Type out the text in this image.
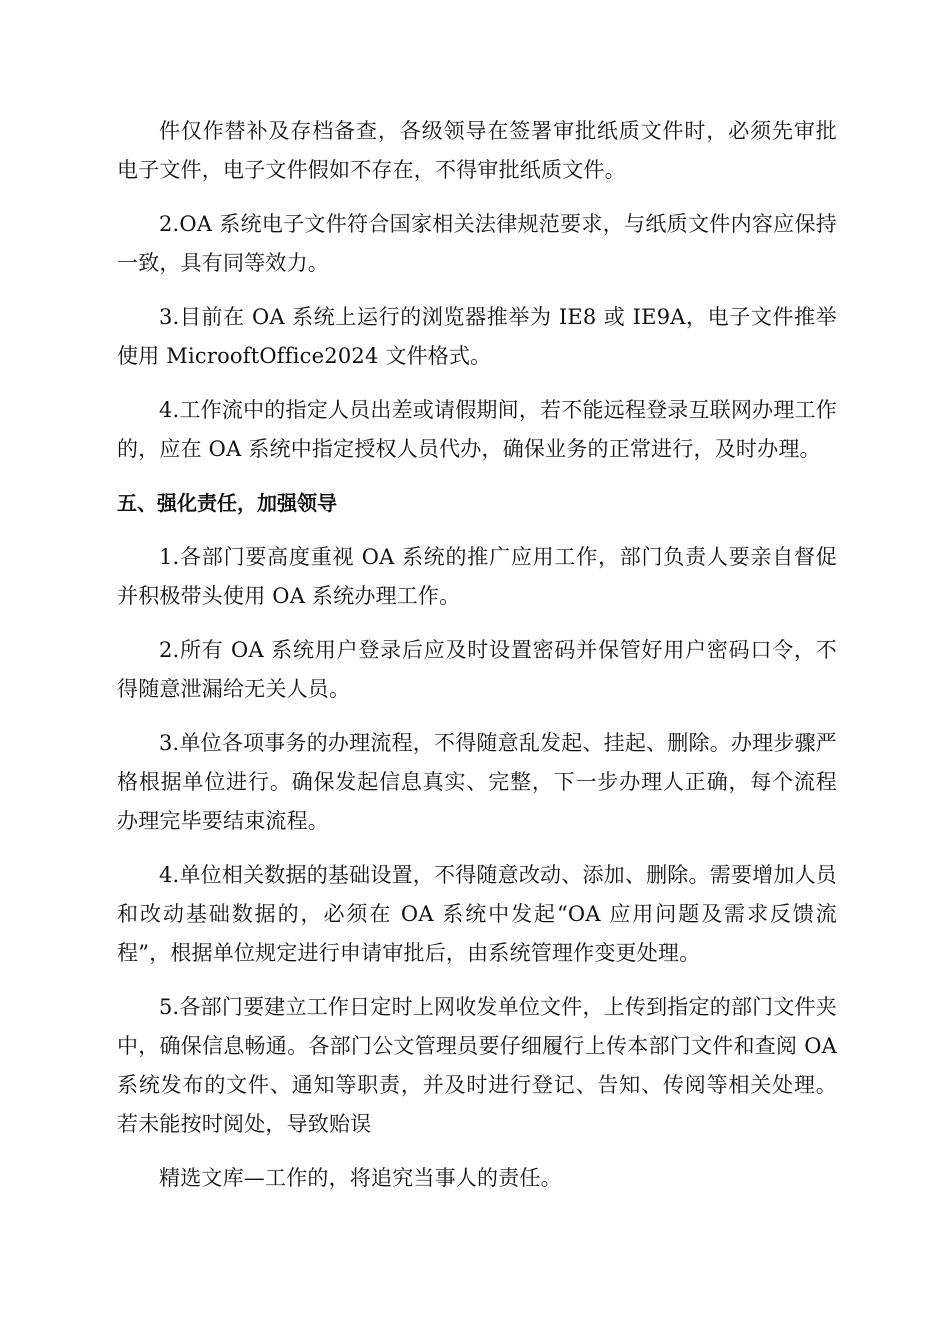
件仅作替补及存档备查，各级领导在签署审批纸质文件时，必须先审批电子文件，电子文件假如不存在，不得审批纸质文件。

2.OA 系统电子文件符合国家相关法律规范要求，与纸质文件内容应保持一致，具有同等效力。

3.目前在 OA 系统上运行的浏览器推举为 IE8 或 IE9A，电子文件推举使用 MicrooftOffice2024 文件格式。

4.工作流中的指定人员出差或请假期间，若不能远程登录互联网办理工作的，应在 OA 系统中指定授权人员代办，确保业务的正常进行，及时办理。

五、强化责任，加强领导

1.各部门要高度重视 OA 系统的推广应用工作，部门负责人要亲自督促并积极带头使用 OA 系统办理工作。

2.所有 OA 系统用户登录后应及时设置密码并保管好用户密码口令，不得随意泄漏给无关人员。

3.单位各项事务的办理流程，不得随意乱发起、挂起、删除。办理步骤严格根据单位进行。确保发起信息真实、完整，下一步办理人正确，每个流程办理完毕要结束流程。

4.单位相关数据的基础设置，不得随意改动、添加、删除。需要增加人员和改动基础数据的，必须在 OA 系统中发起“OA 应用问题及需求反馈流程”，根据单位规定进行申请审批后，由系统管理作变更处理。

5.各部门要建立工作日定时上网收发单位文件，上传到指定的部门文件夹中，确保信息畅通。各部门公文管理员要仔细履行上传本部门文件和查阅 OA 系统发布的文件、通知等职责，并及时进行登记、告知、传阅等相关处理。若未能按时阅处，导致贻误

精选文库—工作的，将追究当事人的责任。
